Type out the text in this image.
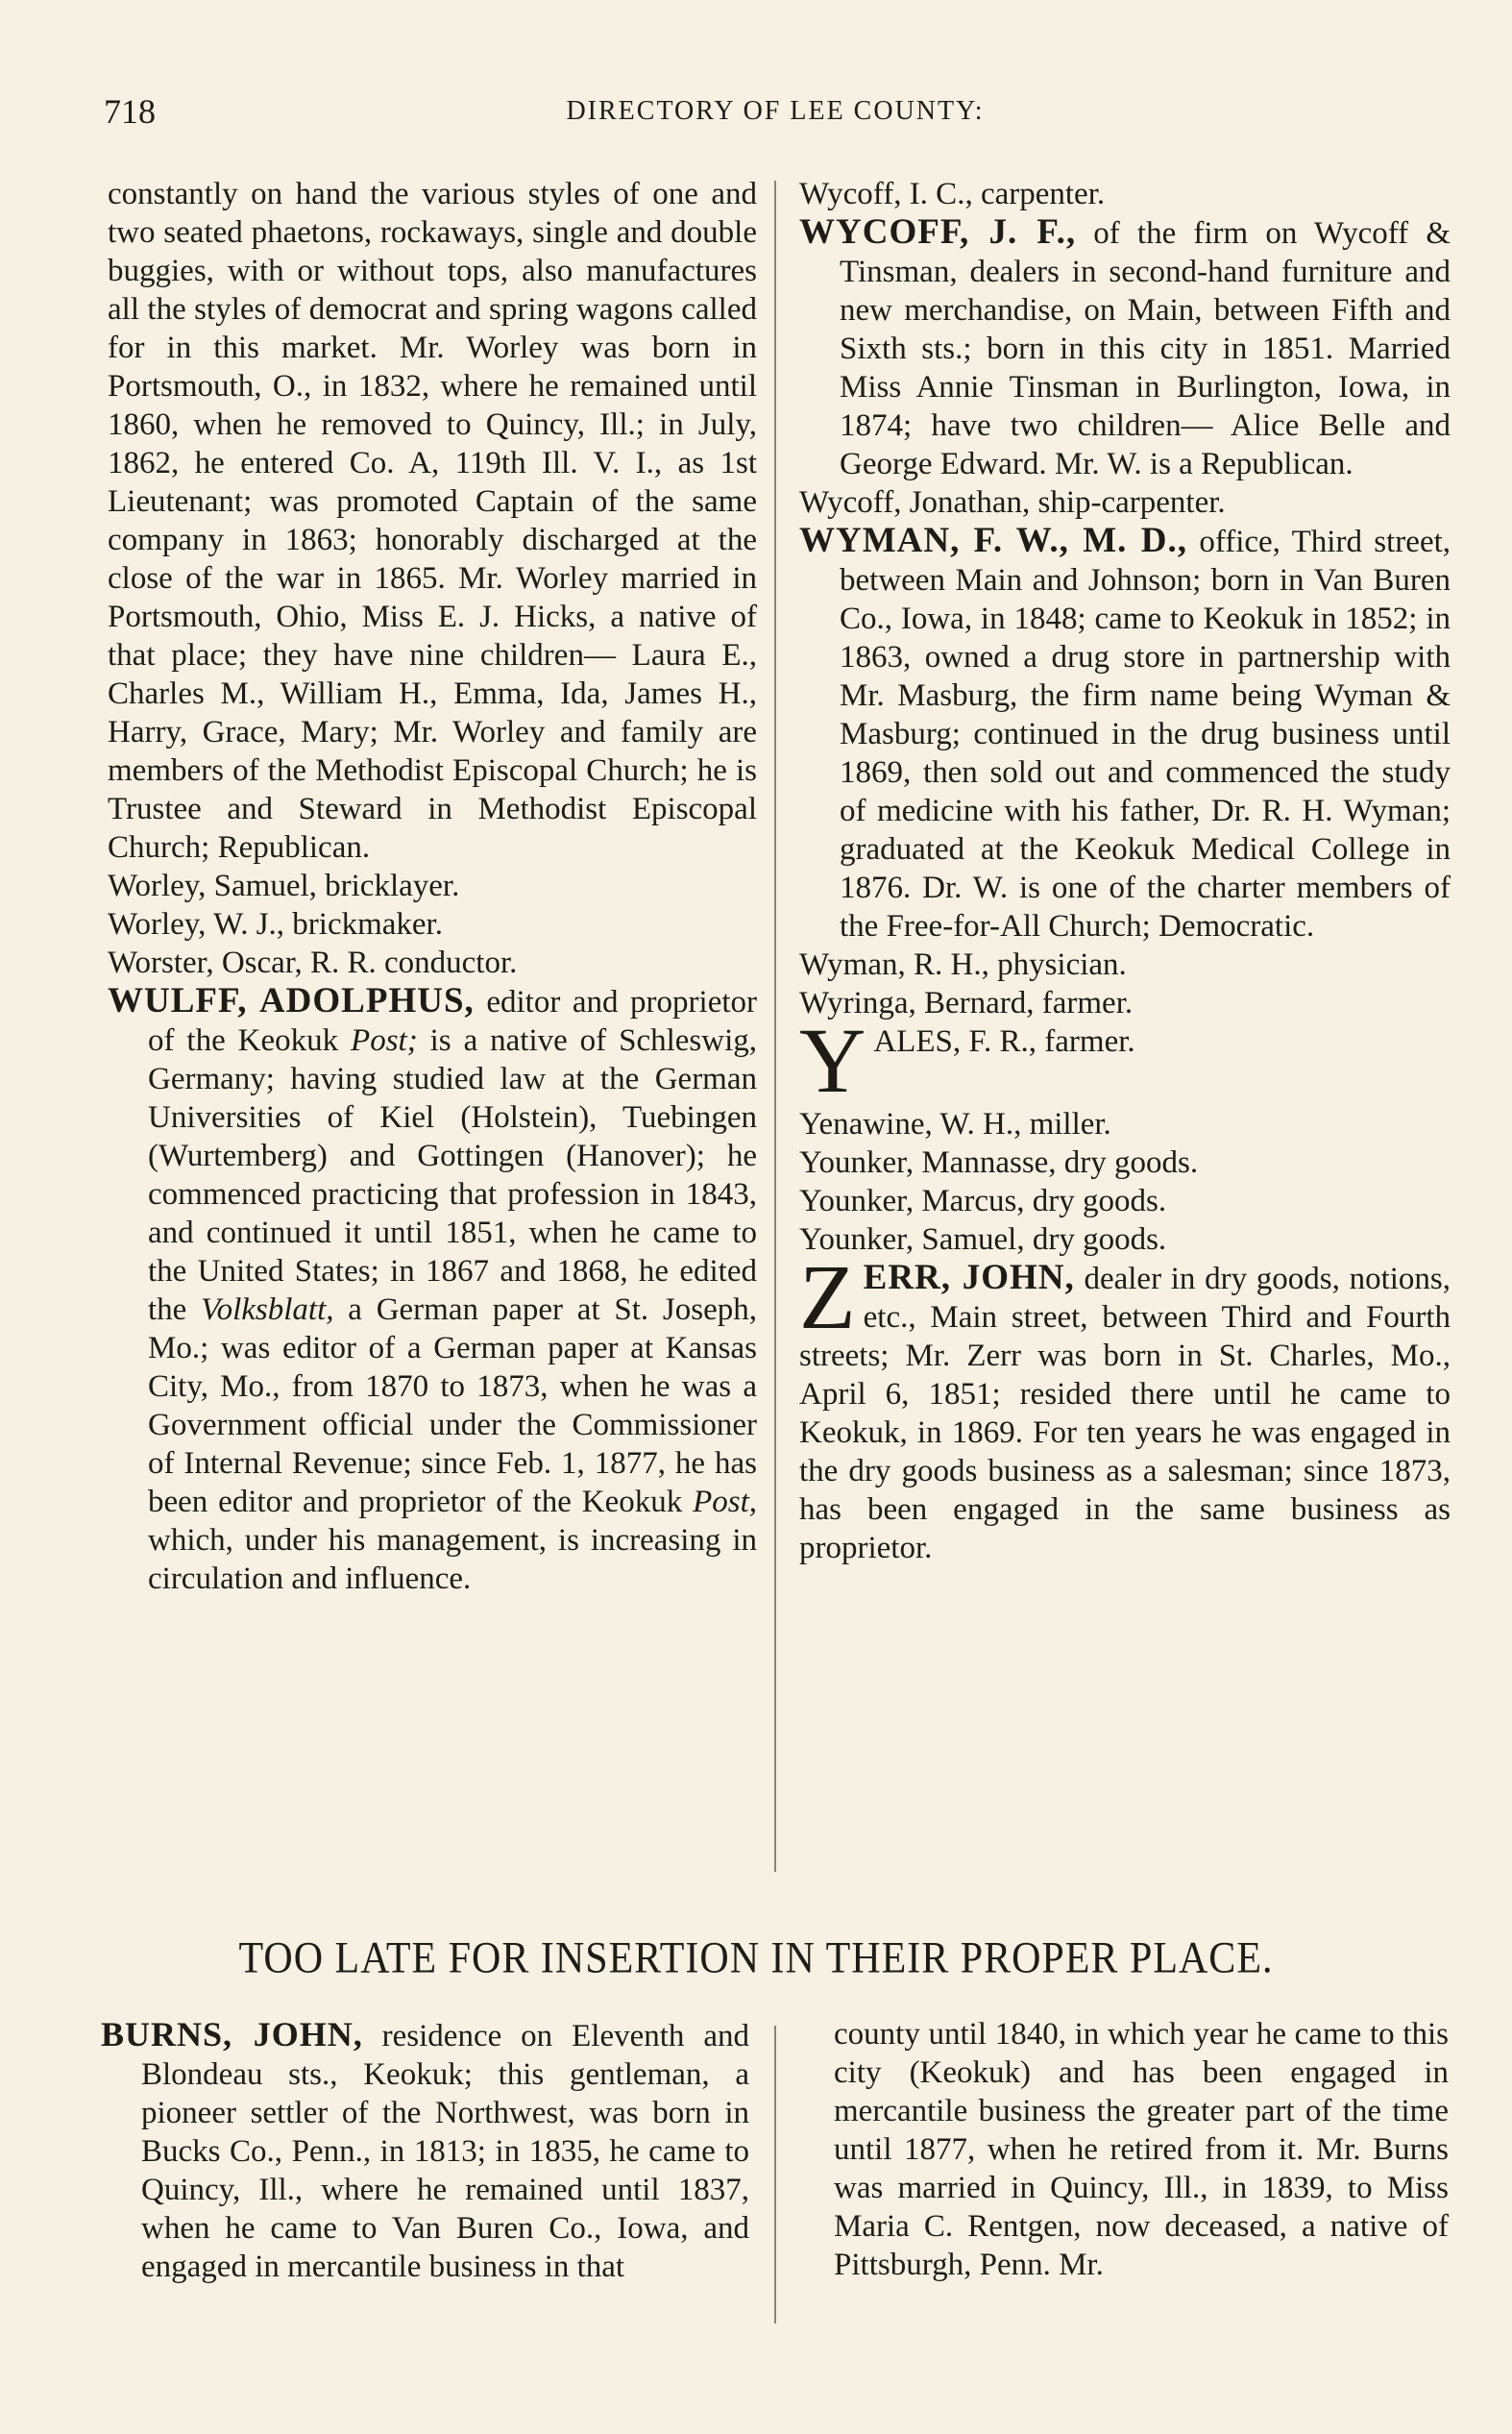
718	DIRECTORY OF LEE COUNTY:

constantly on hand the various styles of one and two seated phaetons, rockaways, single and double buggies, with or without tops, also manufactures all the styles of democrat and spring wagons called for in this market. Mr. Worley was born in Portsmouth, O., in 1832, where he remained until 1860, when he removed to Quincy, Ill.; in July, 1862, he entered Co. A, 119th Ill. V. I., as 1st Lieutenant; was promoted Captain of the same company in 1863; honorably discharged at the close of the war in 1865. Mr. Worley married in Portsmouth, Ohio, Miss E. J. Hicks, a native of that place; they have nine children— Laura E., Charles M., William H., Emma, Ida, James H., Harry, Grace, Mary; Mr. Worley and family are members of the Methodist Episcopal Church; he is Trustee and Steward in Methodist Episcopal Church; Republican.

Worley, Samuel, bricklayer.

Worley, W. J., brickmaker.

Worster, Oscar, R. R. conductor.

WULFF, ADOLPHUS, editor and proprietor of the Keokuk Post; is a native of Schleswig, Germany; having studied law at the German Universities of Kiel (Holstein), Tuebingen (Wurtemberg) and Gottingen (Hanover); he commenced practicing that profession in 1843, and continued it until 1851, when he came to the United States; in 1867 and 1868, he edited the Volksblatt, a German paper at St. Joseph, Mo.; was editor of a German paper at Kansas City, Mo., from 1870 to 1873, when he was a Government official under the Commissioner of Internal Revenue; since Feb. 1, 1877, he has been editor and proprietor of the Keokuk Post, which, under his management, is increasing in circulation and influence.

Wycoff, I. C., carpenter.

WYCOFF, J. F., of the firm on Wycoff & Tinsman, dealers in second-hand furniture and new merchandise, on Main, between Fifth and Sixth sts.; born in this city in 1851. Married Miss Annie Tinsman in Burlington, Iowa, in 1874; have two children— Alice Belle and George Edward. Mr. W. is a Republican.

Wycoff, Jonathan, ship-carpenter.

WYMAN, F. W., M. D., office, Third street, between Main and Johnson; born in Van Buren Co., Iowa, in 1848; came to Keokuk in 1852; in 1863, owned a drug store in partnership with Mr. Masburg, the firm name being Wyman & Masburg; continued in the drug business until 1869, then sold out and commenced the study of medicine with his father, Dr. R. H. Wyman; graduated at the Keokuk Medical College in 1876. Dr. W. is one of the charter members of the Free-for-All Church; Democratic.

Wyman, R. H., physician.

Wyringa, Bernard, farmer.

Y ALES, F. R., farmer.

Yenawine, W. H., miller.

Younker, Mannasse, dry goods.

Younker, Marcus, dry goods.

Younker, Samuel, dry goods.

Z ERR, JOHN, dealer in dry goods, notions, etc., Main street, between Third and Fourth streets; Mr. Zerr was born in St. Charles, Mo., April 6, 1851; resided there until he came to Keokuk, in 1869. For ten years he was engaged in the dry goods business as a salesman; since 1873, has been engaged in the same business as proprietor.

TOO LATE FOR INSERTION IN THEIR PROPER PLACE.

BURNS, JOHN, residence on Eleventh and Blondeau sts., Keokuk; this gentleman, a pioneer settler of the Northwest, was born in Bucks Co., Penn., in 1813; in 1835, he came to Quincy, Ill., where he remained until 1837, when he came to Van Buren Co., Iowa, and engaged in mercantile business in that

county until 1840, in which year he came to this city (Keokuk) and has been engaged in mercantile business the greater part of the time until 1877, when he retired from it. Mr. Burns was married in Quincy, Ill., in 1839, to Miss Maria C. Rentgen, now deceased, a native of Pittsburgh, Penn. Mr.
